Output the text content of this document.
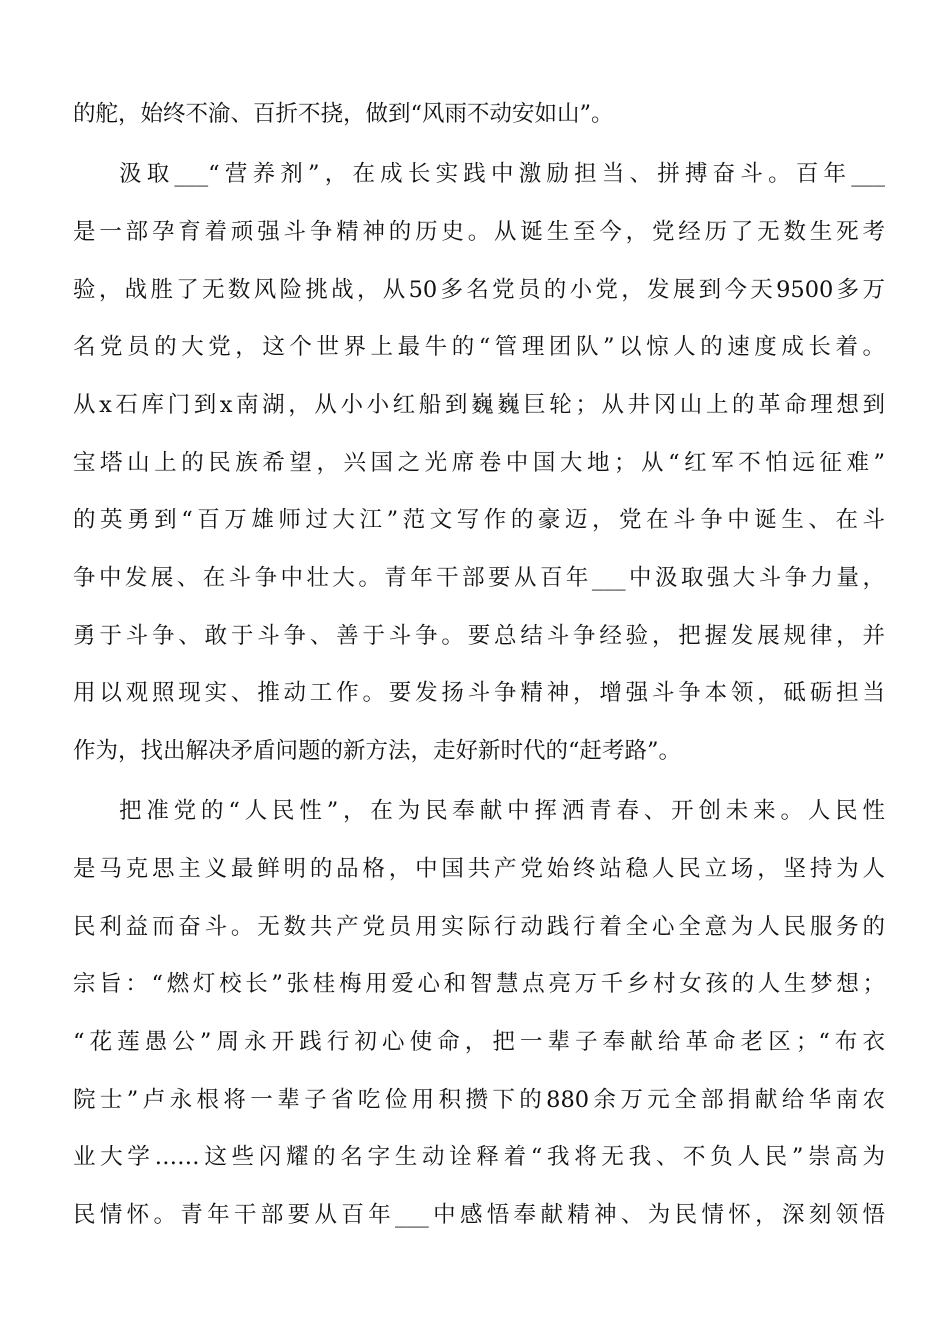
的舵，始终不渝、百折不挠，做到“风雨不动安如山”。
汲取___“营养剂”，在成长实践中激励担当、拼搏奋斗。百年___
是一部孕育着顽强斗争精神的历史。从诞生至今，党经历了无数生死考
验，战胜了无数风险挑战，从50多名党员的小党，发展到今天9500多万
名党员的大党，这个世界上最牛的“管理团队”以惊人的速度成长着。
从x石库门到x南湖，从小小红船到巍巍巨轮；从井冈山上的革命理想到
宝塔山上的民族希望，兴国之光席卷中国大地；从“红军不怕远征难”
的英勇到“百万雄师过大江”范文写作的豪迈，党在斗争中诞生、在斗
争中发展、在斗争中壮大。青年干部要从百年___中汲取强大斗争力量，
勇于斗争、敢于斗争、善于斗争。要总结斗争经验，把握发展规律，并
用以观照现实、推动工作。要发扬斗争精神，增强斗争本领，砥砺担当
作为，找出解决矛盾问题的新方法，走好新时代的“赶考路”。
把准党的“人民性”，在为民奉献中挥洒青春、开创未来。人民性
是马克思主义最鲜明的品格，中国共产党始终站稳人民立场，坚持为人
民利益而奋斗。无数共产党员用实际行动践行着全心全意为人民服务的
宗旨：“燃灯校长”张桂梅用爱心和智慧点亮万千乡村女孩的人生梦想；
“花莲愚公”周永开践行初心使命，把一辈子奉献给革命老区；“布衣
院士”卢永根将一辈子省吃俭用积攒下的880余万元全部捐献给华南农
业大学……这些闪耀的名字生动诠释着“我将无我、不负人民”崇高为
民情怀。青年干部要从百年___中感悟奉献精神、为民情怀，深刻领悟
